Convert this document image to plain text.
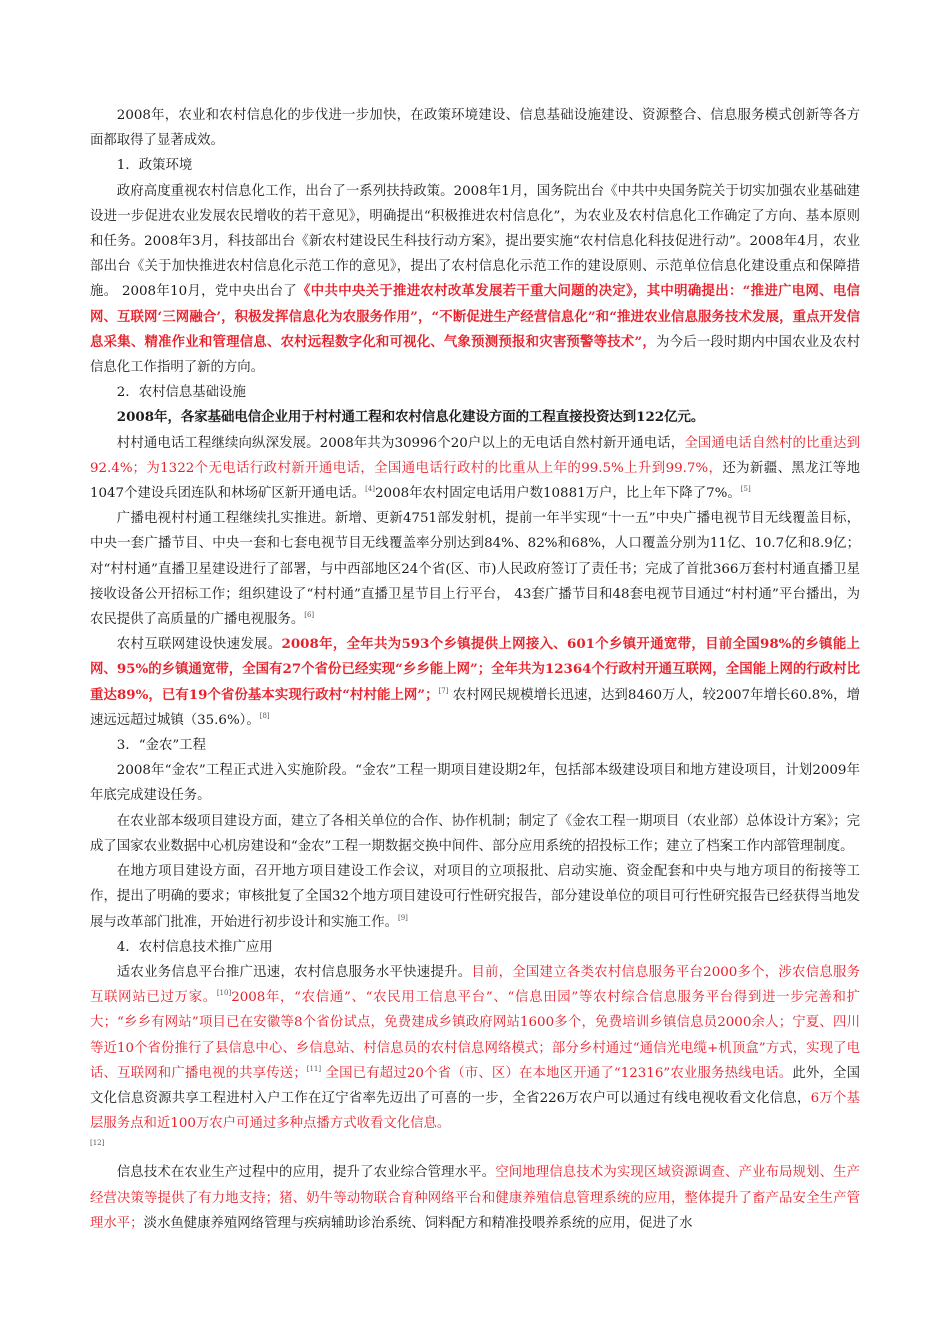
2008年，农业和农村信息化的步伐进一步加快，在政策环境建设、信息基础设施建设、资源整合、信息服务模式创新等各方面都取得了显著成效。

1．政策环境

政府高度重视农村信息化工作，出台了一系列扶持政策。2008年1月，国务院出台《中共中央国务院关于切实加强农业基础建设进一步促进农业发展农民增收的若干意见》，明确提出“积极推进农村信息化”，为农业及农村信息化工作确定了方向、基本原则和任务。2008年3月，科技部出台《新农村建设民生科技行动方案》，提出要实施“农村信息化科技促进行动”。2008年4月，农业部出台《关于加快推进农村信息化示范工作的意见》，提出了农村信息化示范工作的建设原则、示范单位信息化建设重点和保障措施。 2008年10月，党中央出台了《中共中央关于推进农村改革发展若干重大问题的决定》，其中明确提出：“推进广电网、电信网、互联网‘三网融合’，积极发挥信息化为农服务作用”，“不断促进生产经营信息化”和“推进农业信息服务技术发展，重点开发信息采集、精准作业和管理信息、农村远程数字化和可视化、气象预测预报和灾害预警等技术”，为今后一段时期内中国农业及农村信息化工作指明了新的方向。

2．农村信息基础设施

2008年，各家基础电信企业用于村村通工程和农村信息化建设方面的工程直接投资达到122亿元。

村村通电话工程继续向纵深发展。2008年共为30996个20户以上的无电话自然村新开通电话，全国通电话自然村的比重达到92.4%；为1322个无电话行政村新开通电话，全国通电话行政村的比重从上年的99.5%上升到99.7%，还为新疆、黑龙江等地1047个建设兵团连队和林场矿区新开通电话。[4]2008年农村固定电话用户数10881万户，比上年下降了7%。[5]

广播电视村村通工程继续扎实推进。新增、更新4751部发射机，提前一年半实现“十一五”中央广播电视节目无线覆盖目标，中央一套广播节目、中央一套和七套电视节目无线覆盖率分别达到84%、82%和68%，人口覆盖分别为11亿、10.7亿和8.9亿；对“村村通”直播卫星建设进行了部署，与中西部地区24个省(区、市)人民政府签订了责任书；完成了首批366万套村村通直播卫星接收设备公开招标工作；组织建设了“村村通”直播卫星节目上行平台， 43套广播节目和48套电视节目通过“村村通”平台播出，为农民提供了高质量的广播电视服务。[6]

农村互联网建设快速发展。2008年，全年共为593个乡镇提供上网接入、601个乡镇开通宽带，目前全国98%的乡镇能上网、95%的乡镇通宽带，全国有27个省份已经实现“乡乡能上网”；全年共为12364个行政村开通互联网，全国能上网的行政村比重达89%，已有19个省份基本实现行政村“村村能上网”；[7] 农村网民规模增长迅速，达到8460万人，较2007年增长60.8%，增速远远超过城镇（35.6%）。[8]

3．“金农”工程

2008年“金农”工程正式进入实施阶段。“金农”工程一期项目建设期2年，包括部本级建设项目和地方建设项目，计划2009年年底完成建设任务。

在农业部本级项目建设方面，建立了各相关单位的合作、协作机制；制定了《金农工程一期项目（农业部）总体设计方案》；完成了国家农业数据中心机房建设和“金农”工程一期数据交换中间件、部分应用系统的招投标工作；建立了档案工作内部管理制度。

在地方项目建设方面，召开地方项目建设工作会议，对项目的立项报批、启动实施、资金配套和中央与地方项目的衔接等工作，提出了明确的要求；审核批复了全国32个地方项目建设可行性研究报告，部分建设单位的项目可行性研究报告已经获得当地发展与改革部门批准，开始进行初步设计和实施工作。[9]

4．农村信息技术推广应用

适农业务信息平台推广迅速，农村信息服务水平快速提升。目前，全国建立各类农村信息服务平台2000多个，涉农信息服务互联网站已过万家。[10]2008年，“农信通”、“农民用工信息平台”、“信息田园”等农村综合信息服务平台得到进一步完善和扩大；“乡乡有网站”项目已在安徽等8个省份试点，免费建成乡镇政府网站1600多个，免费培训乡镇信息员2000余人；宁夏、四川等近10个省份推行了县信息中心、乡信息站、村信息员的农村信息网络模式；部分乡村通过“通信光电缆+机顶盒”方式，实现了电话、互联网和广播电视的共享传送；[11] 全国已有超过20个省（市、区）在本地区开通了“12316”农业服务热线电话。此外，全国文化信息资源共享工程进村入户工作在辽宁省率先迈出了可喜的一步，全省226万农户可以通过有线电视收看文化信息，6万个基层服务点和近100万农户可通过多种点播方式收看文化信息。

[12]

信息技术在农业生产过程中的应用，提升了农业综合管理水平。空间地理信息技术为实现区域资源调查、产业布局规划、生产经营决策等提供了有力地支持；猪、奶牛等动物联合育种网络平台和健康养殖信息管理系统的应用，整体提升了畜产品安全生产管理水平；淡水鱼健康养殖网络管理与疾病辅助诊治系统、饲料配方和精准投喂养系统的应用，促进了水
